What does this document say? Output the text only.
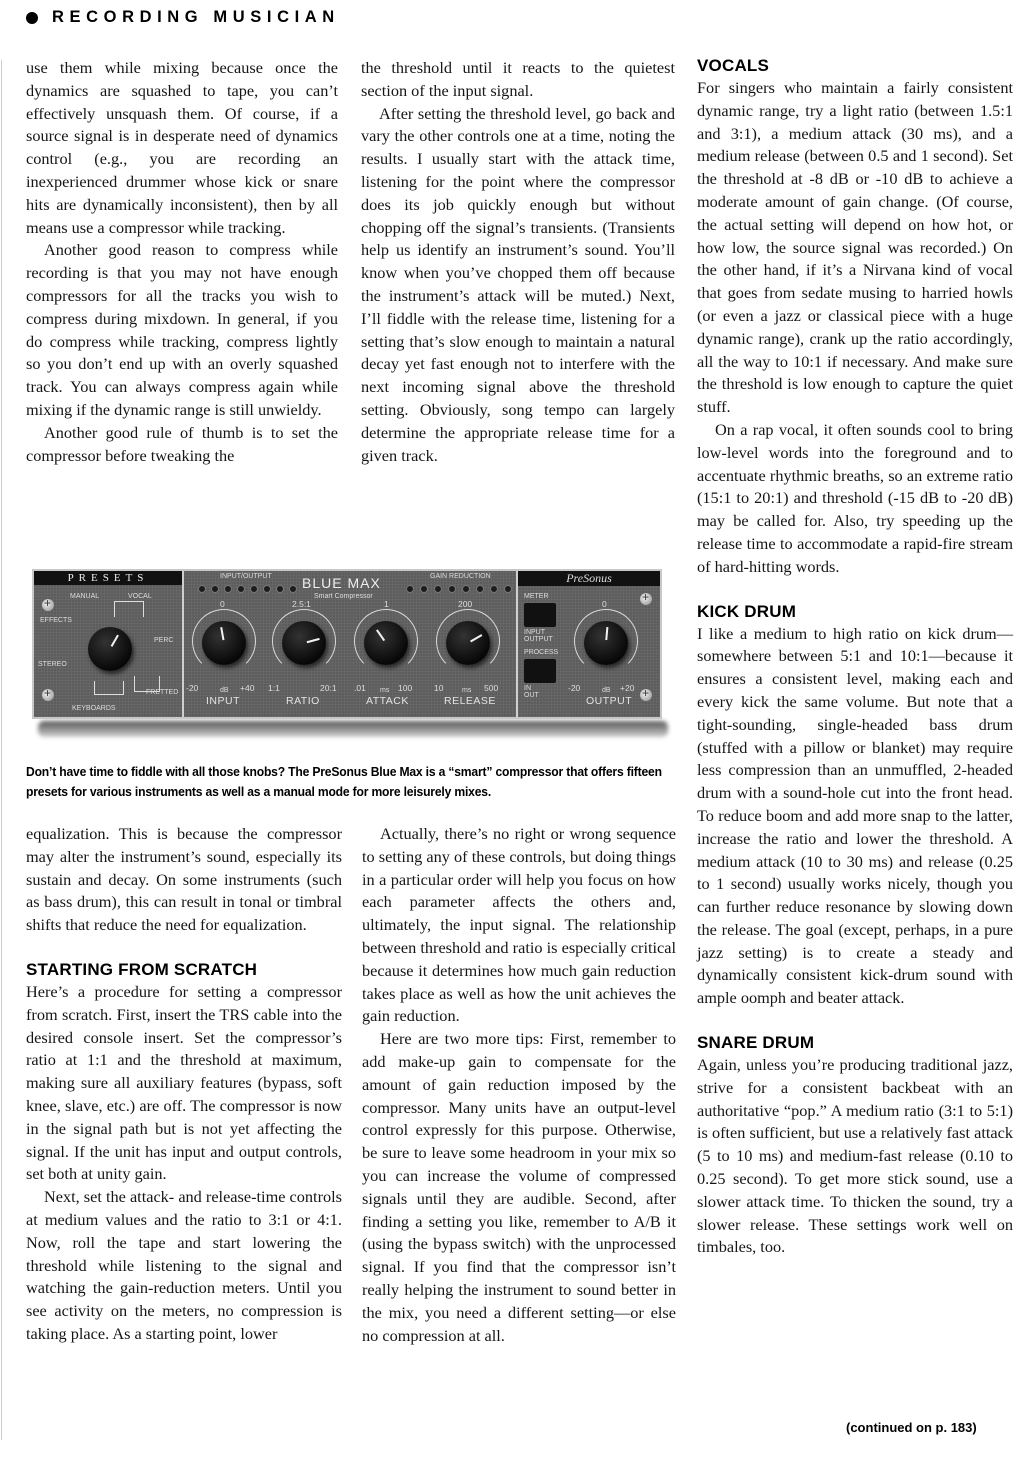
RECORDING MUSICIAN

use them while mixing because once the dynamics are squashed to tape, you can’t effectively unsquash them. Of course, if a source signal is in desperate need of dynamics control (e.g., you are recording an inexperienced drummer whose kick or snare hits are dynamically inconsistent), then by all means use a compressor while tracking.

Another good reason to compress while recording is that you may not have enough compressors for all the tracks you wish to compress during mixdown. In general, if you do compress while tracking, compress lightly so you don’t end up with an overly squashed track. You can always compress again while mixing if the dynamic range is still unwieldy.

Another good rule of thumb is to set the compressor before tweaking the

the threshold until it reacts to the quietest section of the input signal.

After setting the threshold level, go back and vary the other controls one at a time, noting the results. I usually start with the attack time, listening for the point where the compressor does its job quickly enough but without chopping off the signal’s transients. (Transients help us identify an instrument’s sound. You’ll know when you’ve chopped them off because the instrument’s attack will be muted.) Next, I’ll fiddle with the release time, listening for a setting that’s slow enough to maintain a natural decay yet fast enough not to interfere with the next incoming signal above the threshold setting. Obviously, song tempo can largely determine the appropriate release time for a given track.

VOCALS

For singers who maintain a fairly consistent dynamic range, try a light ratio (between 1.5:1 and 3:1), a medium attack (30 ms), and a medium release (between 0.5 and 1 second). Set the threshold at -8 dB or -10 dB to achieve a moderate amount of gain change. (Of course, the actual setting will depend on how hot, or how low, the source signal was recorded.) On the other hand, if it’s a Nirvana kind of vocal that goes from sedate musing to harried howls (or even a jazz or classical piece with a huge dynamic range), crank up the ratio accordingly, all the way to 10:1 if necessary. And make sure the threshold is low enough to capture the quiet stuff.

On a rap vocal, it often sounds cool to bring low-level words into the foreground and to accentuate rhythmic breaths, so an extreme ratio (15:1 to 20:1) and threshold (-15 dB to -20 dB) may be called for. Also, try speeding up the release time to accommodate a rapid-fire stream of hard-hitting words.

KICK DRUM

I like a medium to high ratio on kick drum—somewhere between 5:1 and 10:1—because it ensures a consistent level, making each and every kick the same volume. But note that a tight-sounding, single-headed bass drum (stuffed with a pillow or blanket) may require less compression than an unmuffled, 2-headed drum with a sound-hole cut into the front head. To reduce boom and add more snap to the latter, increase the ratio and lower the threshold. A medium attack (10 to 30 ms) and release (0.25 to 1 second) usually works nicely, though you can further reduce resonance by slowing down the release. The goal (except, perhaps, in a pure jazz setting) is to create a steady and dynamically consistent kick-drum sound with ample oomph and beater attack.

SNARE DRUM

Again, unless you’re producing traditional jazz, strive for a consistent backbeat with an authoritative “pop.” A medium ratio (3:1 to 5:1) is often sufficient, but use a relatively fast attack (5 to 10 ms) and medium-fast release (0.10 to 0.25 second). To get more stick sound, use a slower attack time. To thicken the sound, try a slower release. These settings work well on timbales, too.

PRESETS
+
+
MANUAL	VOCAL
EFFECTS
PERC
STEREO
FRETTED
KEYBOARDS
INPUT/OUTPUT	GAIN REDUCTION
BLUE MAX
Smart Compressor
0
-20	+40
dB
INPUT
2.5:1
1:1	20:1
RATIO
1
.01	100
ms
ATTACK
200
10	500
ms
RELEASE
PreSonus
+
+
METER
INPUT
OUTPUT
PROCESS
IN
OUT
0
-20	+20
dB
OUTPUT
Don’t have time to fiddle with all those knobs? The PreSonus Blue Max is a “smart” compressor that offers fifteen presets for various instruments as well as a manual mode for more leisurely mixes.

equalization. This is because the compressor may alter the instrument’s sound, especially its sustain and decay. On some instruments (such as bass drum), this can result in tonal or timbral shifts that reduce the need for equalization.

STARTING FROM SCRATCH

Here’s a procedure for setting a compressor from scratch. First, insert the TRS cable into the desired console insert. Set the compressor’s ratio at 1:1 and the threshold at maximum, making sure all auxiliary features (bypass, soft knee, slave, etc.) are off. The compressor is now in the signal path but is not yet affecting the signal. If the unit has input and output controls, set both at unity gain.

Next, set the attack- and release-time controls at medium values and the ratio to 3:1 or 4:1. Now, roll the tape and start lowering the threshold while listening to the signal and watching the gain-reduction meters. Until you see activity on the meters, no compression is taking place. As a starting point, lower

Actually, there’s no right or wrong sequence to setting any of these controls, but doing things in a particular order will help you focus on how each parameter affects the others and, ultimately, the input signal. The relationship between threshold and ratio is especially critical because it determines how much gain reduction takes place as well as how the unit achieves the gain reduction.

Here are two more tips: First, remember to add make-up gain to compensate for the amount of gain reduction imposed by the compressor. Many units have an output-level control expressly for this purpose. Otherwise, be sure to leave some headroom in your mix so you can increase the volume of compressed signals until they are audible. Second, after finding a setting you like, remember to A/B it (using the bypass switch) with the unprocessed signal. If you find that the compressor isn’t really helping the instrument to sound better in the mix, you need a different setting—or else no compression at all.

(continued on p. 183)
